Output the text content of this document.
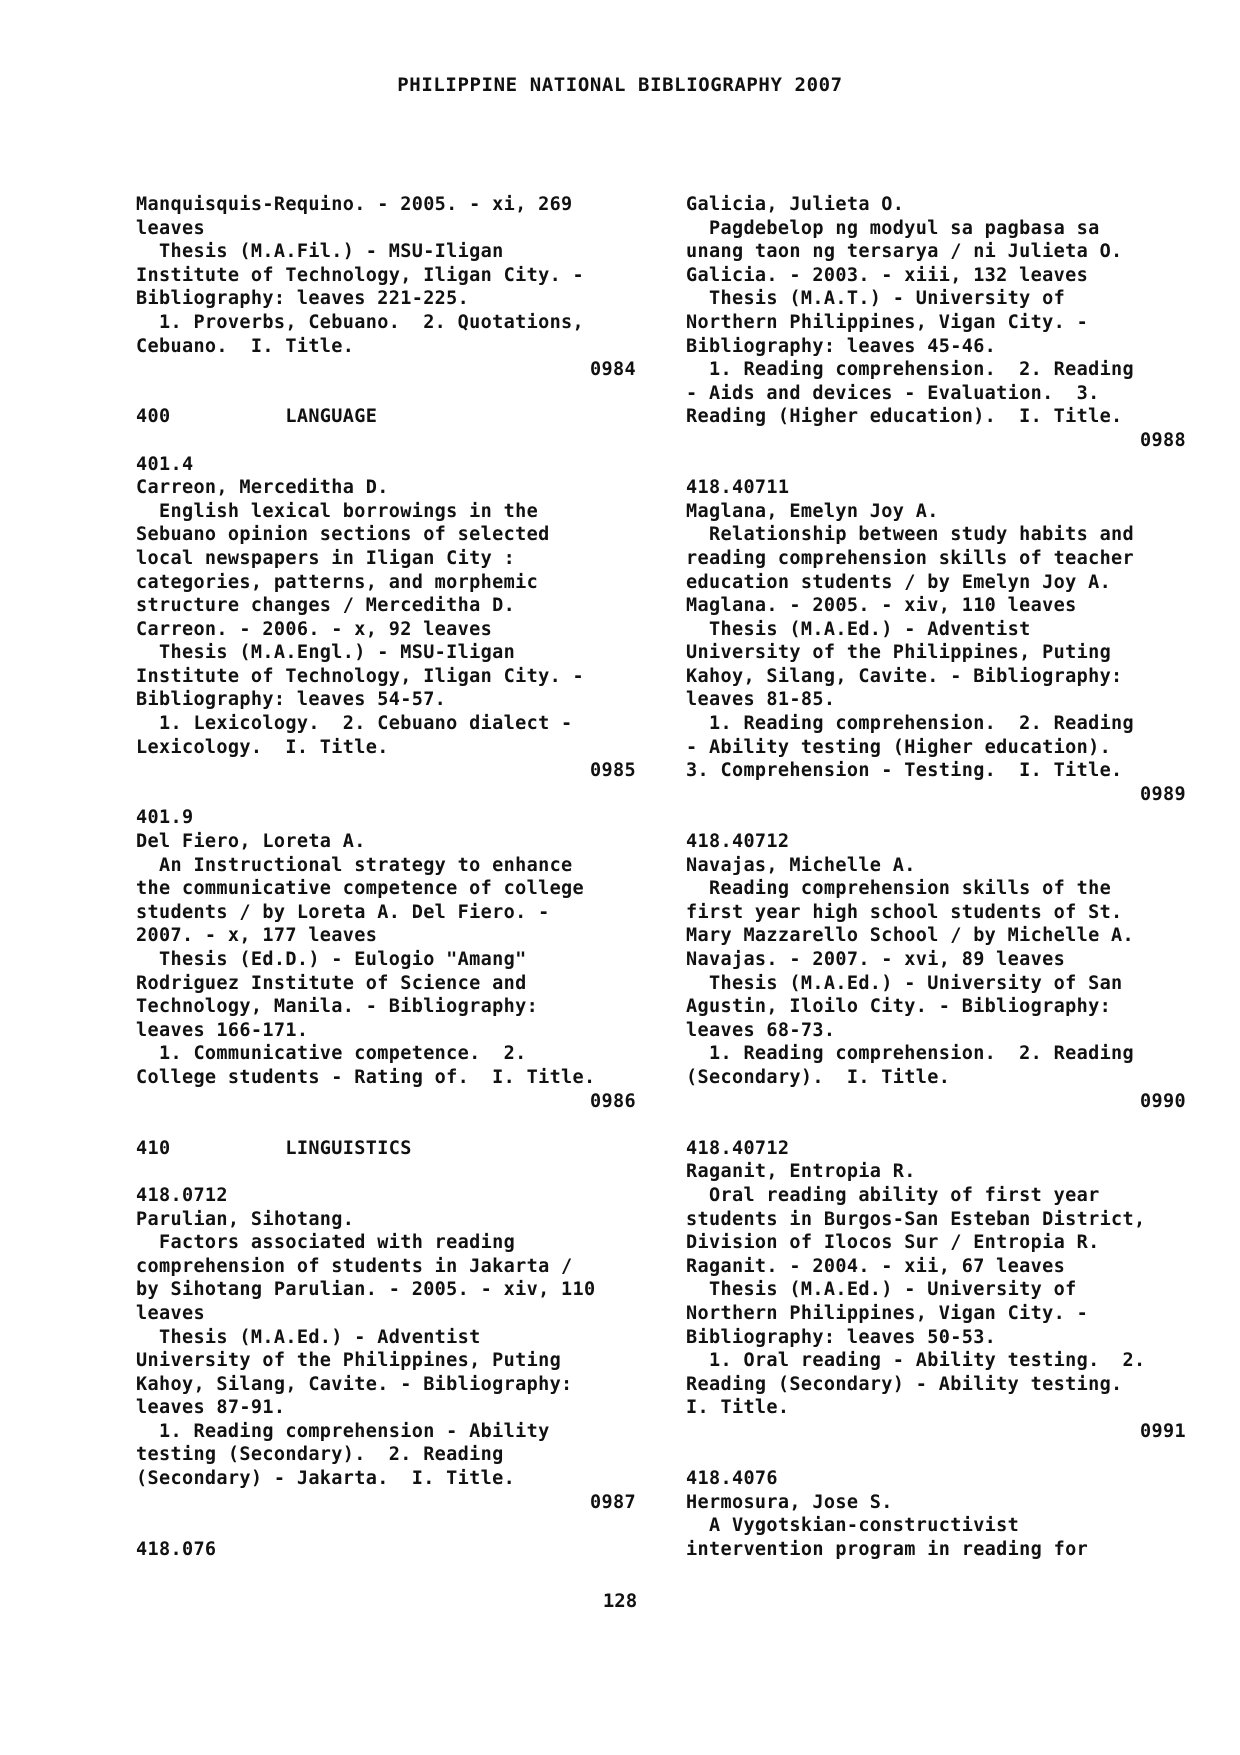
PHILIPPINE NATIONAL BIBLIOGRAPHY 2007
Manquisquis-Requino. - 2005. - xi, 269
leaves
Thesis (M.A.Fil.) - MSU-Iligan
Institute of Technology, Iligan City. -
Bibliography: leaves 221-225.
1. Proverbs, Cebuano.  2. Quotations,
Cebuano.  I. Title.
0984
400          LANGUAGE
401.4
Carreon, Merceditha D.
English lexical borrowings in the
Sebuano opinion sections of selected
local newspapers in Iligan City :
categories, patterns, and morphemic
structure changes / Merceditha D.
Carreon. - 2006. - x, 92 leaves
Thesis (M.A.Engl.) - MSU-Iligan
Institute of Technology, Iligan City. -
Bibliography: leaves 54-57.
1. Lexicology.  2. Cebuano dialect -
Lexicology.  I. Title.
0985
401.9
Del Fiero, Loreta A.
An Instructional strategy to enhance
the communicative competence of college
students / by Loreta A. Del Fiero. -
2007. - x, 177 leaves
Thesis (Ed.D.) - Eulogio "Amang"
Rodriguez Institute of Science and
Technology, Manila. - Bibliography:
leaves 166-171.
1. Communicative competence.  2.
College students - Rating of.  I. Title.
0986
410          LINGUISTICS
418.0712
Parulian, Sihotang.
Factors associated with reading
comprehension of students in Jakarta /
by Sihotang Parulian. - 2005. - xiv, 110
leaves
Thesis (M.A.Ed.) - Adventist
University of the Philippines, Puting
Kahoy, Silang, Cavite. - Bibliography:
leaves 87-91.
1. Reading comprehension - Ability
testing (Secondary).  2. Reading
(Secondary) - Jakarta.  I. Title.
0987
418.076
Galicia, Julieta O.
Pagdebelop ng modyul sa pagbasa sa
unang taon ng tersarya / ni Julieta O.
Galicia. - 2003. - xiii, 132 leaves
Thesis (M.A.T.) - University of
Northern Philippines, Vigan City. -
Bibliography: leaves 45-46.
1. Reading comprehension.  2. Reading
- Aids and devices - Evaluation.  3.
Reading (Higher education).  I. Title.
0988
418.40711
Maglana, Emelyn Joy A.
Relationship between study habits and
reading comprehension skills of teacher
education students / by Emelyn Joy A.
Maglana. - 2005. - xiv, 110 leaves
Thesis (M.A.Ed.) - Adventist
University of the Philippines, Puting
Kahoy, Silang, Cavite. - Bibliography:
leaves 81-85.
1. Reading comprehension.  2. Reading
- Ability testing (Higher education).
3. Comprehension - Testing.  I. Title.
0989
418.40712
Navajas, Michelle A.
Reading comprehension skills of the
first year high school students of St.
Mary Mazzarello School / by Michelle A.
Navajas. - 2007. - xvi, 89 leaves
Thesis (M.A.Ed.) - University of San
Agustin, Iloilo City. - Bibliography:
leaves 68-73.
1. Reading comprehension.  2. Reading
(Secondary).  I. Title.
0990
418.40712
Raganit, Entropia R.
Oral reading ability of first year
students in Burgos-San Esteban District,
Division of Ilocos Sur / Entropia R.
Raganit. - 2004. - xii, 67 leaves
Thesis (M.A.Ed.) - University of
Northern Philippines, Vigan City. -
Bibliography: leaves 50-53.
1. Oral reading - Ability testing.  2.
Reading (Secondary) - Ability testing.
I. Title.
0991
418.4076
Hermosura, Jose S.
A Vygotskian-constructivist
intervention program in reading for
128
